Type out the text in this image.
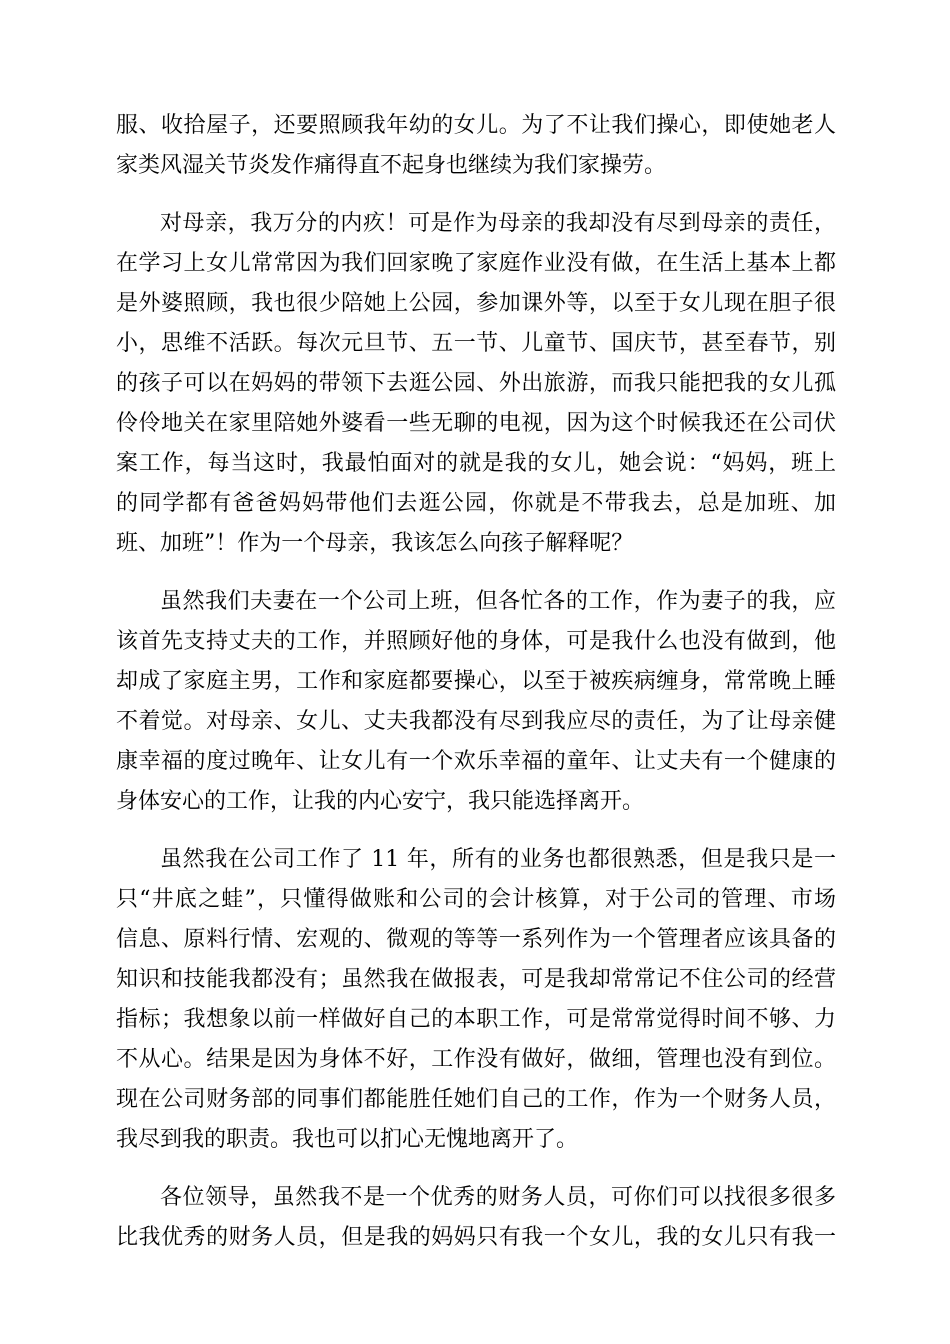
服、收拾屋子，还要照顾我年幼的女儿。为了不让我们操心，即使她老人
家类风湿关节炎发作痛得直不起身也继续为我们家操劳。
对母亲，我万分的内疚！可是作为母亲的我却没有尽到母亲的责任，
在学习上女儿常常因为我们回家晚了家庭作业没有做，在生活上基本上都
是外婆照顾，我也很少陪她上公园，参加课外等，以至于女儿现在胆子很
小，思维不活跃。每次元旦节、五一节、儿童节、国庆节，甚至春节，别
的孩子可以在妈妈的带领下去逛公园、外出旅游，而我只能把我的女儿孤
伶伶地关在家里陪她外婆看一些无聊的电视，因为这个时候我还在公司伏
案工作，每当这时，我最怕面对的就是我的女儿，她会说：“妈妈，班上
的同学都有爸爸妈妈带他们去逛公园，你就是不带我去，总是加班、加
班、加班”！作为一个母亲，我该怎么向孩子解释呢？
虽然我们夫妻在一个公司上班，但各忙各的工作，作为妻子的我，应
该首先支持丈夫的工作，并照顾好他的身体，可是我什么也没有做到，他
却成了家庭主男，工作和家庭都要操心，以至于被疾病缠身，常常晚上睡
不着觉。对母亲、女儿、丈夫我都没有尽到我应尽的责任，为了让母亲健
康幸福的度过晚年、让女儿有一个欢乐幸福的童年、让丈夫有一个健康的
身体安心的工作，让我的内心安宁，我只能选择离开。
虽然我在公司工作了 11 年，所有的业务也都很熟悉，但是我只是一
只“井底之蛙”，只懂得做账和公司的会计核算，对于公司的管理、市场
信息、原料行情、宏观的、微观的等等一系列作为一个管理者应该具备的
知识和技能我都没有；虽然我在做报表，可是我却常常记不住公司的经营
指标；我想象以前一样做好自己的本职工作，可是常常觉得时间不够、力
不从心。结果是因为身体不好，工作没有做好，做细，管理也没有到位。
现在公司财务部的同事们都能胜任她们自己的工作，作为一个财务人员，
我尽到我的职责。我也可以扪心无愧地离开了。
各位领导，虽然我不是一个优秀的财务人员，可你们可以找很多很多
比我优秀的财务人员，但是我的妈妈只有我一个女儿，我的女儿只有我一
